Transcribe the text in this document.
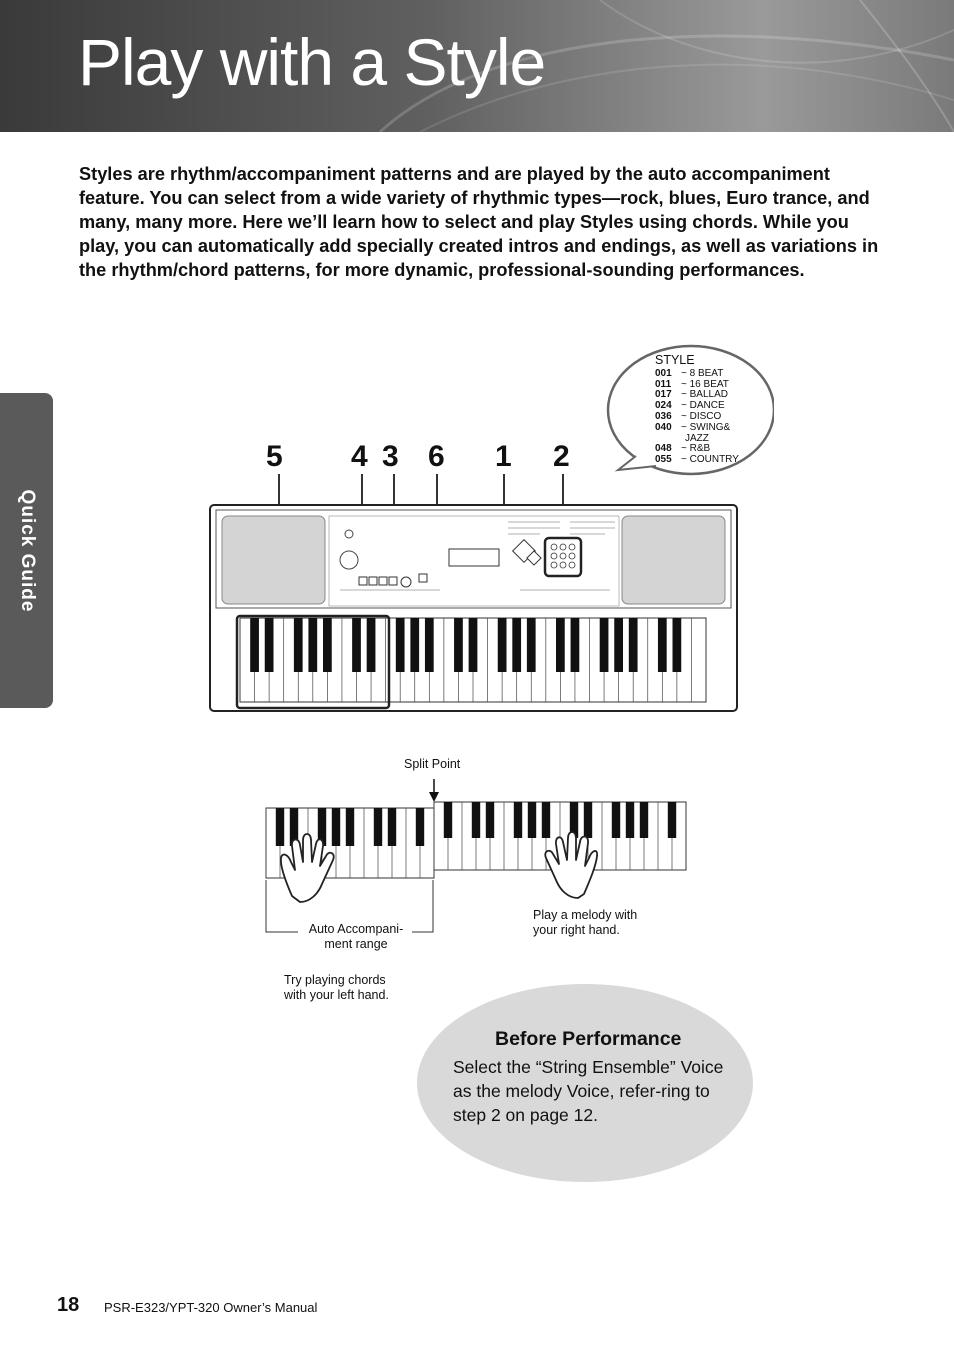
Play with a Style

Styles are rhythm/accompaniment patterns and are played by the auto accompaniment feature. You can select from a wide variety of rhythmic types—rock, blues, Euro trance, and many, many more. Here we’ll learn how to select and play Styles using chords. While you play, you can automatically add specially created intros and endings, as well as variations in the rhythm/chord patterns, for more dynamic, professional-sounding performances.

Quick Guide
5 4 3 6 1 2
STYLE
001 ~ 8 BEAT
011 ~ 16 BEAT
017 ~ BALLAD
024 ~ DANCE
036 ~ DISCO
040 ~ SWING&
JAZZ
048 ~ R&B
055 ~ COUNTRY
Split Point
Auto Accompani-
ment range
Play a melody with
your right hand.
Try playing chords
with your left hand.
Before Performance
Select the “String Ensemble” Voice as the melody Voice, refer-ring to step 2 on page 12.
18 PSR-E323/YPT-320 Owner’s Manual
